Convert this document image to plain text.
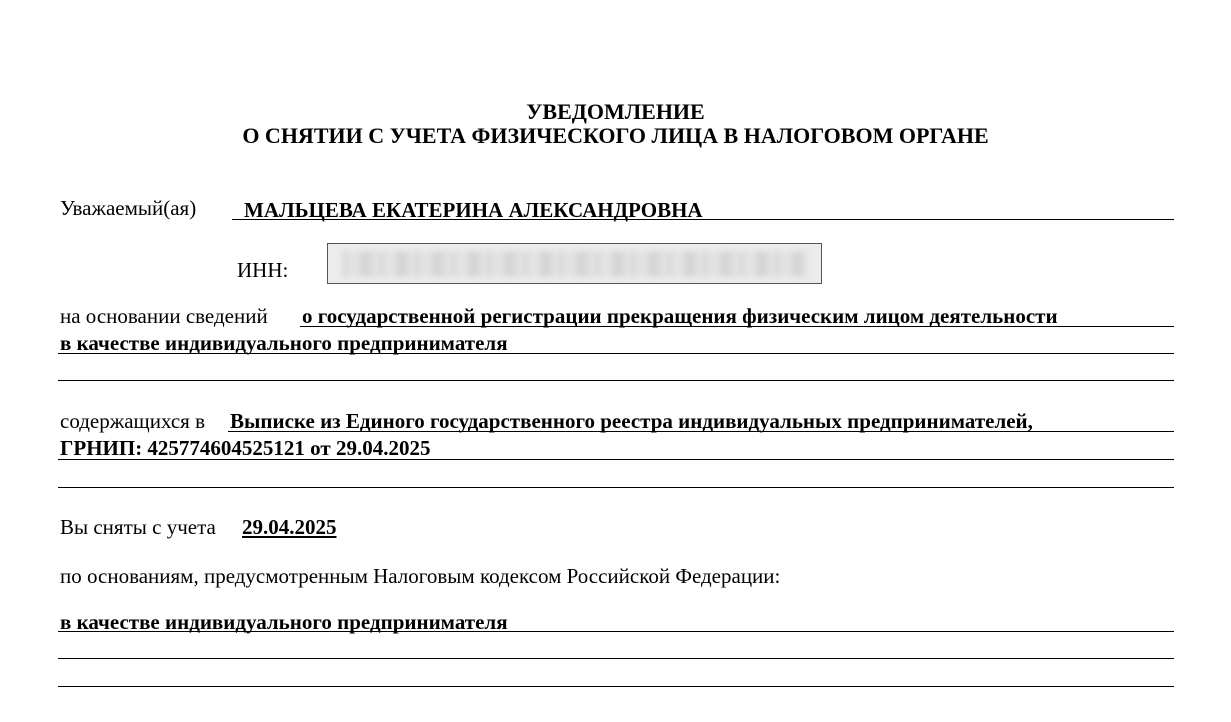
УВЕДОМЛЕНИЕ
О СНЯТИИ С УЧЕТА ФИЗИЧЕСКОГО ЛИЦА В НАЛОГОВОМ ОРГАНЕ
Уважаемый(ая) МАЛЬЦЕВА ЕКАТЕРИНА АЛЕКСАНДРОВНА
ИНН:
на основании сведений о государственной регистрации прекращения физическим лицом деятельности
в качестве индивидуального предпринимателя
содержащихся в Выписке из Единого государственного реестра индивидуальных предпринимателей,
ГРНИП: 425774604525121 от 29.04.2025
Вы сняты с учета 29.04.2025
по основаниям, предусмотренным Налоговым кодексом Российской Федерации:
в качестве индивидуального предпринимателя
